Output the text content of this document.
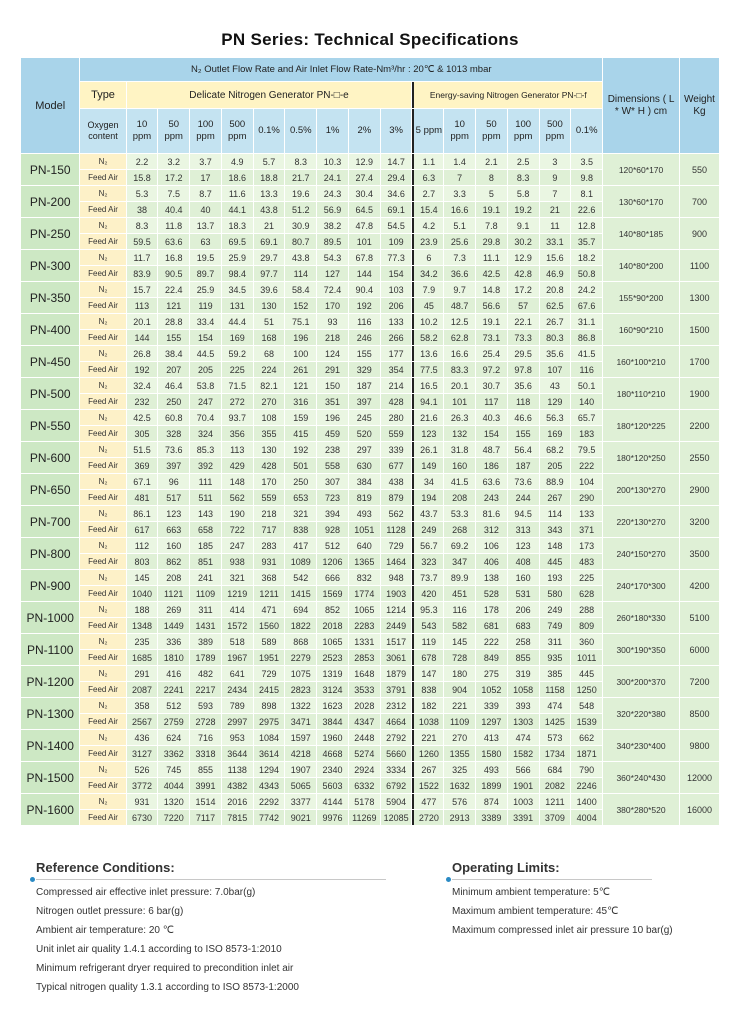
PN Series: Technical Specifications
Model	N₂ Outlet Flow Rate and Air Inlet Flow Rate-Nm³/hr : 20℃ & 1013 mbar																Dimensions ( L * W* H ) cm	Weight Kg
	Type	Delicate Nitrogen Generator PN-□-e									Energy-saving Nitrogen Generator PN-□-f							
	Oxygen content	10 ppm	50 ppm	100 ppm	500 ppm	0.1%	0.5%	1%	2%	3%	5 ppm	10 ppm	50 ppm	100 ppm	500 ppm	0.1%		
PN-150	N₂	2.2	3.2	3.7	4.9	5.7	8.3	10.3	12.9	14.7	1.1	1.4	2.1	2.5	3	3.5	120*60*170	550
	Feed Air	15.8	17.2	17	18.6	18.8	21.7	24.1	27.4	29.4	6.3	7	8	8.3	9	9.8		
PN-200	N₂	5.3	7.5	8.7	11.6	13.3	19.6	24.3	30.4	34.6	2.7	3.3	5	5.8	7	8.1	130*60*170	700
	Feed Air	38	40.4	40	44.1	43.8	51.2	56.9	64.5	69.1	15.4	16.6	19.1	19.2	21	22.6		
PN-250	N₂	8.3	11.8	13.7	18.3	21	30.9	38.2	47.8	54.5	4.2	5.1	7.8	9.1	11	12.8	140*80*185	900
	Feed Air	59.5	63.6	63	69.5	69.1	80.7	89.5	101	109	23.9	25.6	29.8	30.2	33.1	35.7		
PN-300	N₂	11.7	16.8	19.5	25.9	29.7	43.8	54.3	67.8	77.3	6	7.3	11.1	12.9	15.6	18.2	140*80*200	1100
	Feed Air	83.9	90.5	89.7	98.4	97.7	114	127	144	154	34.2	36.6	42.5	42.8	46.9	50.8		
PN-350	N₂	15.7	22.4	25.9	34.5	39.6	58.4	72.4	90.4	103	7.9	9.7	14.8	17.2	20.8	24.2	155*90*200	1300
	Feed Air	113	121	119	131	130	152	170	192	206	45	48.7	56.6	57	62.5	67.6		
PN-400	N₂	20.1	28.8	33.4	44.4	51	75.1	93	116	133	10.2	12.5	19.1	22.1	26.7	31.1	160*90*210	1500
	Feed Air	144	155	154	169	168	196	218	246	266	58.2	62.8	73.1	73.3	80.3	86.8		
PN-450	N₂	26.8	38.4	44.5	59.2	68	100	124	155	177	13.6	16.6	25.4	29.5	35.6	41.5	160*100*210	1700
	Feed Air	192	207	205	225	224	261	291	329	354	77.5	83.3	97.2	97.8	107	116		
PN-500	N₂	32.4	46.4	53.8	71.5	82.1	121	150	187	214	16.5	20.1	30.7	35.6	43	50.1	180*110*210	1900
	Feed Air	232	250	247	272	270	316	351	397	428	94.1	101	117	118	129	140		
PN-550	N₂	42.5	60.8	70.4	93.7	108	159	196	245	280	21.6	26.3	40.3	46.6	56.3	65.7	180*120*225	2200
	Feed Air	305	328	324	356	355	415	459	520	559	123	132	154	155	169	183		
PN-600	N₂	51.5	73.6	85.3	113	130	192	238	297	339	26.1	31.8	48.7	56.4	68.2	79.5	180*120*250	2550
	Feed Air	369	397	392	429	428	501	558	630	677	149	160	186	187	205	222		
PN-650	N₂	67.1	96	111	148	170	250	307	384	438	34	41.5	63.6	73.6	88.9	104	200*130*270	2900
	Feed Air	481	517	511	562	559	653	723	819	879	194	208	243	244	267	290		
PN-700	N₂	86.1	123	143	190	218	321	394	493	562	43.7	53.3	81.6	94.5	114	133	220*130*270	3200
	Feed Air	617	663	658	722	717	838	928	1051	1128	249	268	312	313	343	371		
PN-800	N₂	112	160	185	247	283	417	512	640	729	56.7	69.2	106	123	148	173	240*150*270	3500
	Feed Air	803	862	851	938	931	1089	1206	1365	1464	323	347	406	408	445	483		
PN-900	N₂	145	208	241	321	368	542	666	832	948	73.7	89.9	138	160	193	225	240*170*300	4200
	Feed Air	1040	1121	1109	1219	1211	1415	1569	1774	1903	420	451	528	531	580	628		
PN-1000	N₂	188	269	311	414	471	694	852	1065	1214	95.3	116	178	206	249	288	260*180*330	5100
	Feed Air	1348	1449	1431	1572	1560	1822	2018	2283	2449	543	582	681	683	749	809		
PN-1100	N₂	235	336	389	518	589	868	1065	1331	1517	119	145	222	258	311	360	300*190*350	6000
	Feed Air	1685	1810	1789	1967	1951	2279	2523	2853	3061	678	728	849	855	935	1011		
PN-1200	N₂	291	416	482	641	729	1075	1319	1648	1879	147	180	275	319	385	445	300*200*370	7200
	Feed Air	2087	2241	2217	2434	2415	2823	3124	3533	3791	838	904	1052	1058	1158	1250		
PN-1300	N₂	358	512	593	789	898	1322	1623	2028	2312	182	221	339	393	474	548	320*220*380	8500
	Feed Air	2567	2759	2728	2997	2975	3471	3844	4347	4664	1038	1109	1297	1303	1425	1539		
PN-1400	N₂	436	624	716	953	1084	1597	1960	2448	2792	221	270	413	474	573	662	340*230*400	9800
	Feed Air	3127	3362	3318	3644	3614	4218	4668	5274	5660	1260	1355	1580	1582	1734	1871		
PN-1500	N₂	526	745	855	1138	1294	1907	2340	2924	3334	267	325	493	566	684	790	360*240*430	12000
	Feed Air	3772	4044	3991	4382	4343	5065	5603	6332	6792	1522	1632	1899	1901	2082	2246		
PN-1600	N₂	931	1320	1514	2016	2292	3377	4144	5178	5904	477	576	874	1003	1211	1400	380*280*520	16000
	Feed Air	6730	7220	7117	7815	7742	9021	9976	11269	12085	2720	2913	3389	3391	3709	4004		
Reference Conditions:
Compressed air effective inlet pressure: 7.0bar(g)
Nitrogen outlet pressure: 6 bar(g)
Ambient air temperature: 20 ℃
Unit inlet air quality 1.4.1 according to ISO 8573-1:2010
Minimum refrigerant dryer required to precondition inlet air
Typical nitrogen quality 1.3.1 according to ISO 8573-1:2000
Operating Limits:
Minimum ambient temperature: 5℃
Maximum ambient temperature: 45℃
Maximum compressed inlet air pressure 10 bar(g)
